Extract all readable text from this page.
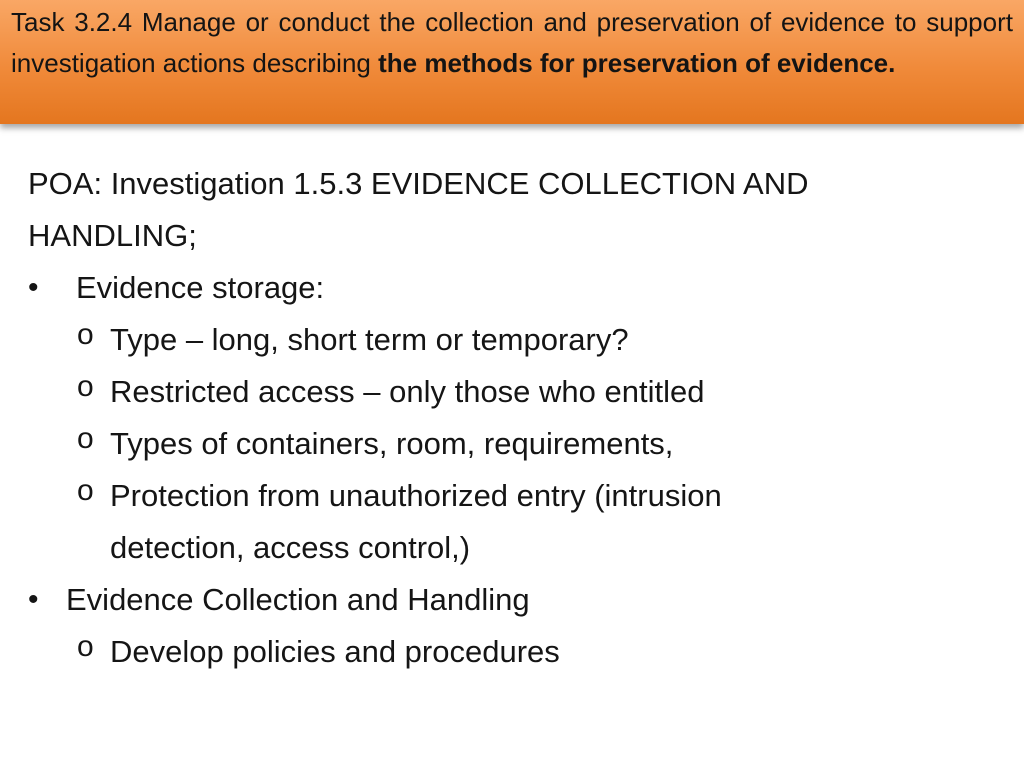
Task 3.2.4 Manage or conduct the collection and preservation of evidence to support investigation actions describing the methods for preservation of evidence.

POA: Investigation 1.5.3 EVIDENCE COLLECTION AND
HANDLING;
• Evidence storage:
o Type – long, short term or temporary?
o Restricted access – only those who entitled
o Types of containers, room, requirements,
o Protection from unauthorized entry (intrusion
detection, access control,)
• Evidence Collection and Handling
o Develop policies and procedures
